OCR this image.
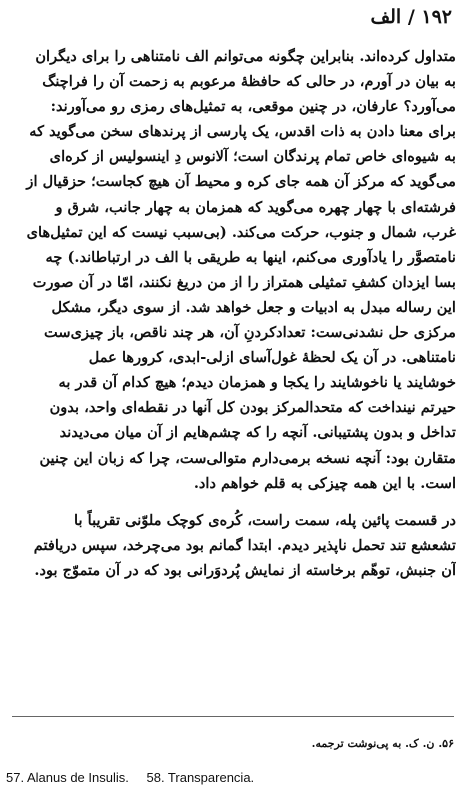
۱۹۲ / الف
متداول کرده‌اند. بنابراین چگونه می‌توانم الف نامتناهی را برای دیگران
به بیان در آورم، در حالی که حافظهٔ مرعوبم به زحمت آن را فراچنگ
می‌آورد؟ عارفان، در چنین موقعی، به تمثیل‌های رمزی رو می‌آورند:
برای معنا دادن به ذات اقدس، یک پارسی از پرندهای سخن می‌گوید که
به شیوه‌ای خاص تمام پرندگان است؛ آلانوس دِ اینسولیس از کره‌ای
می‌گوید که مرکز آن همه جای کره و محیط آن هیچ کجاست؛ حزقیال از
فرشته‌ای با چهار چهره می‌گوید که همزمان به چهار جانب، شرق و
غرب، شمال و جنوب، حرکت می‌کند. (بی‌سبب نیست که این تمثیل‌های
نامتصوَّر را یادآوری می‌کنم، اینها به طریقی با الف در ارتباطاند.) چه
بسا ایزدان کشفِ تمثیلی همتراز را از من دریغ نکنند، امّا در آن صورت
این رساله مبدل به ادبیات و جعل خواهد شد. از سوی دیگر، مشکل
مرکزی حل نشدنی‌ست: تعدادکردنِ آن، هر چند ناقص، باز چیزی‌ست
نامتناهی. در آن یک لحظهٔ غول‌آسای ازلی-ابدی، کرورها عمل
خوشایند یا ناخوشایند را یکجا و همزمان دیدم؛ هیچ کدام آن قدر به
حیرتم نینداخت که متحدالمرکز بودن کل آنها در نقطه‌ای واحد، بدون
تداخل و بدون پشتیبانی. آنچه را که چشم‌هایم از آن میان می‌دیدند
متقارن بود: آنچه نسخه برمی‌دارم متوالی‌ست، چرا که زبان این چنین
است. با این همه چیزکی به قلم خواهم داد.
در قسمت پائین پله، سمت راست، کُره‌ی کوچک ملوّنی تقریباً با
تشعشع تند تحمل ناپذیر دیدم. ابتدا گمانم بود می‌چرخد، سپس دریافتم
آن جنبش، توهّم برخاسته از نمایش پُردوَرانی بود که در آن متموّج بود.
۵۶. ن. ک. به پی‌نوشت ترجمه.
57. Alanus de Insulis. 58. Transparencia.
